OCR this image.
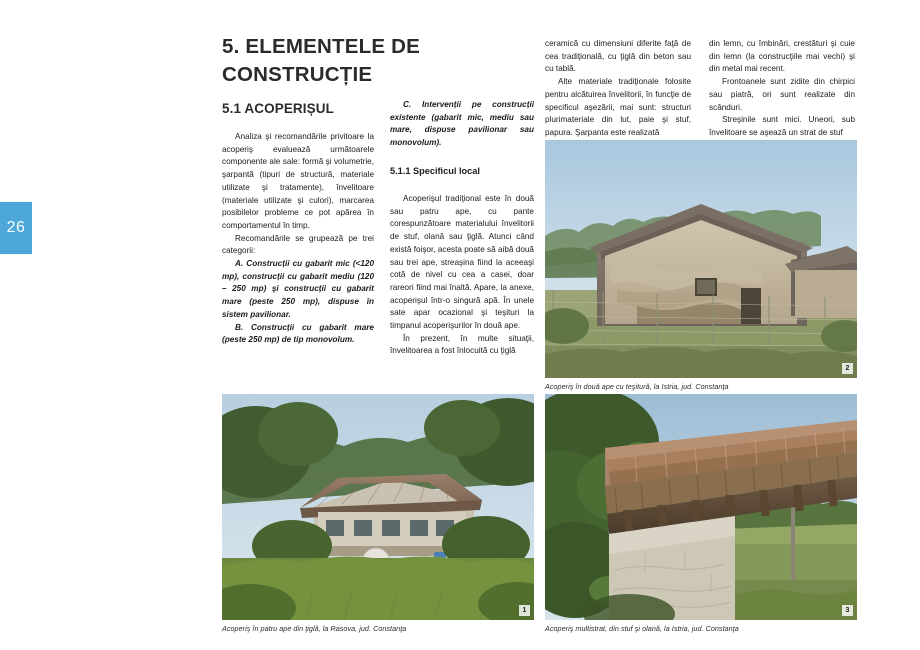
26
5. ELEMENTELE DE CONSTRUCȚIE
5.1 ACOPERIȘUL

Analiza şi recomandările privitoare la acoperiş evaluează următoarele componente ale sale: formă şi volumetrie, şarpantă (tipuri de structură, materiale utilizate şi tratamente), învelitoare (materiale utilizate şi culori), marcarea posibilelor probleme ce pot apărea în comportamentul în timp.

Recomandările se grupează pe trei categorii:

A. Construcții cu gabarit mic (<120 mp), construcții cu gabarit mediu (120 – 250 mp) şi construcții cu gabarit mare (peste 250 mp), dispuse în sistem pavilionar.

B. Construcții cu gabarit mare (peste 250 mp) de tip monovolum.

C. Intervenții pe construcții existente (gabarit mic, mediu sau mare, dispuse pavilionar sau monovolum).

5.1.1 Specificul local

Acoperişul tradiţional este în două sau patru ape, cu pante corespunzătoare materialului învelitorii de stuf, olană sau ţiglă. Atunci când există foişor, acesta poate să aibă două sau trei ape, streaşina fiind la aceeaşi cotă de nivel cu cea a casei, doar rareori fiind mai înaltă. Apare, la anexe, acoperişul într-o singură apă. În unele sate apar ocazional şi teşituri la timpanul acoperişurilor în două ape.

În prezent, în multe situaţii, învelitoarea a fost înlocuită cu ţiglă

ceramică cu dimensiuni diferite faţă de cea tradiţională, cu ţiglă din beton sau cu tablă.

Alte materiale tradiţionale folosite pentru alcătuirea învelitorii, în funcţie de specificul aşezării, mai sunt: structuri plurimateriale din lut, paie şi stuf, papura. Şarpanta este realizată

din lemn, cu îmbinări, crestături şi cuie din lemn (la construcţiile mai vechi) şi din metal mai recent.

Frontoanele sunt zidite din chirpici sau piatră, ori sunt realizate din scânduri.

Streşinile sunt mici. Uneori, sub învelitoare se aşează un strat de stuf

2
Acoperiş în două ape cu teşitură, la Istria, jud. Constanţa
1
Acoperiş în patru ape din ţiglă, la Rasova, jud. Constanţa
3
Acoperiş multistrat, din stuf şi olană, la Istria, jud. Constanţa
